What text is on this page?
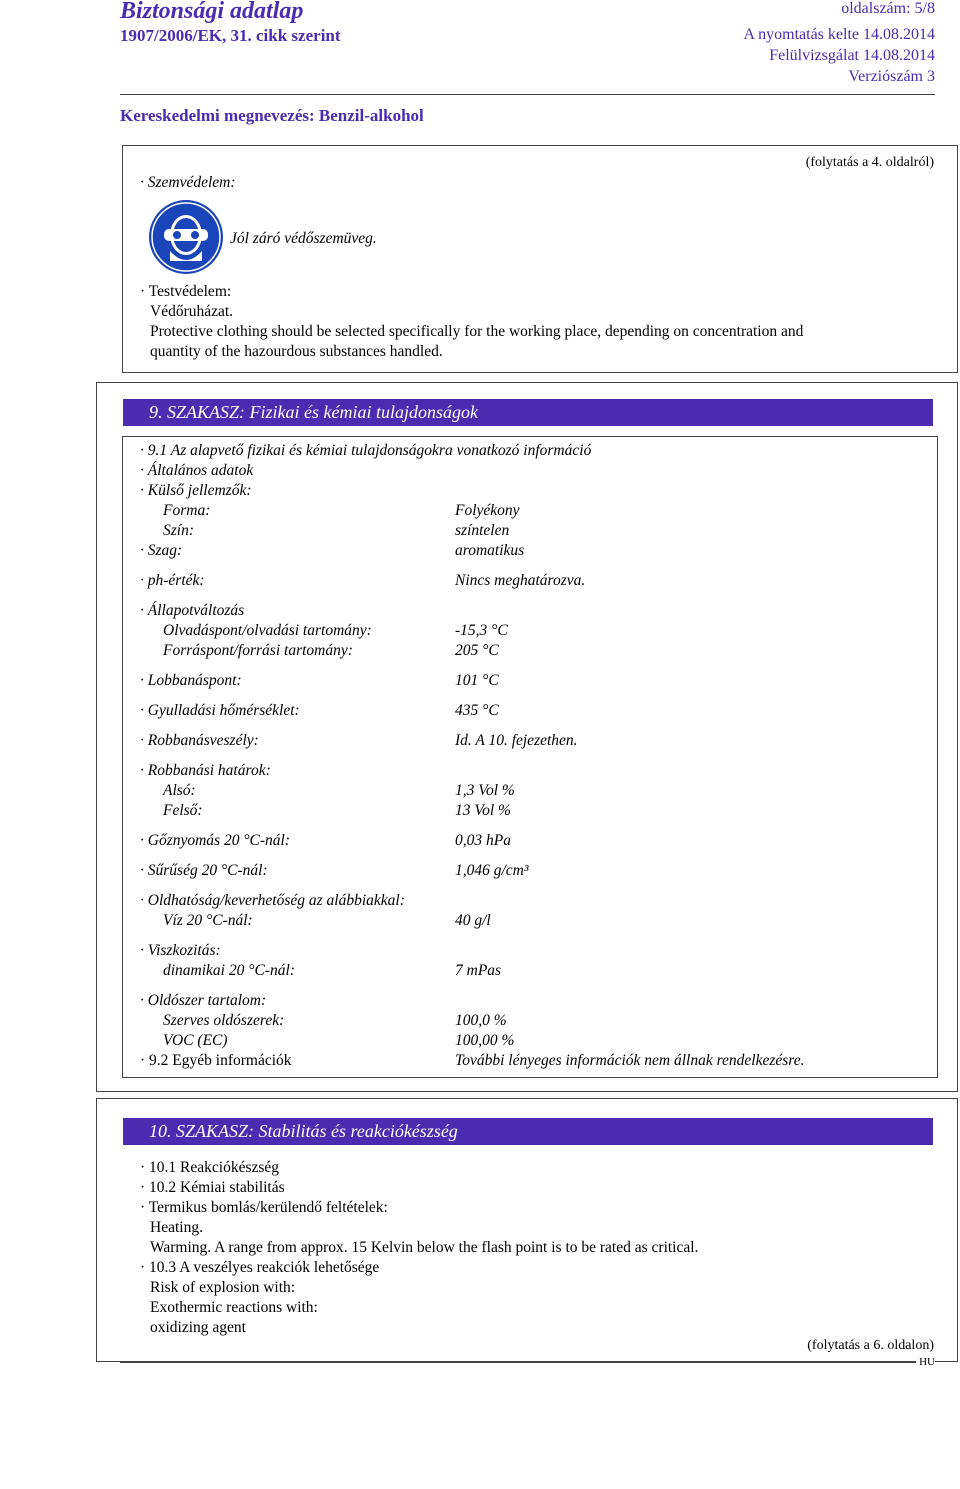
Biztonsági adatlap
1907/2006/EK, 31. cikk szerint
oldalszám: 5/8
A nyomtatás kelte 14.08.2014
Felülvizsgálat 14.08.2014
Verziószám 3
Kereskedelmi megnevezés: Benzil-alkohol
(folytatás a 4. oldalról)
· Szemvédelem:
Jól záró védőszemüveg.
· Testvédelem:
Védőruházat.
Protective clothing should be selected specifically for the working place, depending on concentration and
quantity of the hazourdous substances handled.
9. SZAKASZ: Fizikai és kémiai tulajdonságok
· 9.1 Az alapvető fizikai és kémiai tulajdonságokra vonatkozó információ
· Általános adatok
· Külső jellemzők:
Forma:	Folyékony
Szín:	színtelen
· Szag:	aromatikus
· ph-érték:	Nincs meghatározva.
· Állapotváltozás
Olvadáspont/olvadási tartomány:	-15,3 °C
Forráspont/forrási tartomány:	205 °C
· Lobbanáspont:	101 °C
· Gyulladási hőmérséklet:	435 °C
· Robbanásveszély:	Id. A 10. fejezethen.
· Robbanási határok:
Alsó:	1,3 Vol %
Felső:	13 Vol %
· Gőznyomás 20 °C-nál:	0,03 hPa
· Sűrűség 20 °C-nál:	1,046 g/cm³
· Oldhatóság/keverhetőség az alábbiakkal:
Víz 20 °C-nál:	40 g/l
· Viszkozitás:
dinamikai 20 °C-nál:	7 mPas
· Oldószer tartalom:
Szerves oldószerek:	100,0 %
VOC (EC)	100,00 %
· 9.2 Egyéb információk	További lényeges információk nem állnak rendelkezésre.
10. SZAKASZ: Stabilitás és reakciókészség
· 10.1 Reakciókészség
· 10.2 Kémiai stabilitás
· Termikus bomlás/kerülendő feltételek:
Heating.
Warming. A range from approx. 15 Kelvin below the flash point is to be rated as critical.
· 10.3 A veszélyes reakciók lehetősége
Risk of explosion with:
Exothermic reactions with:
oxidizing agent
(folytatás a 6. oldalon)
HU
